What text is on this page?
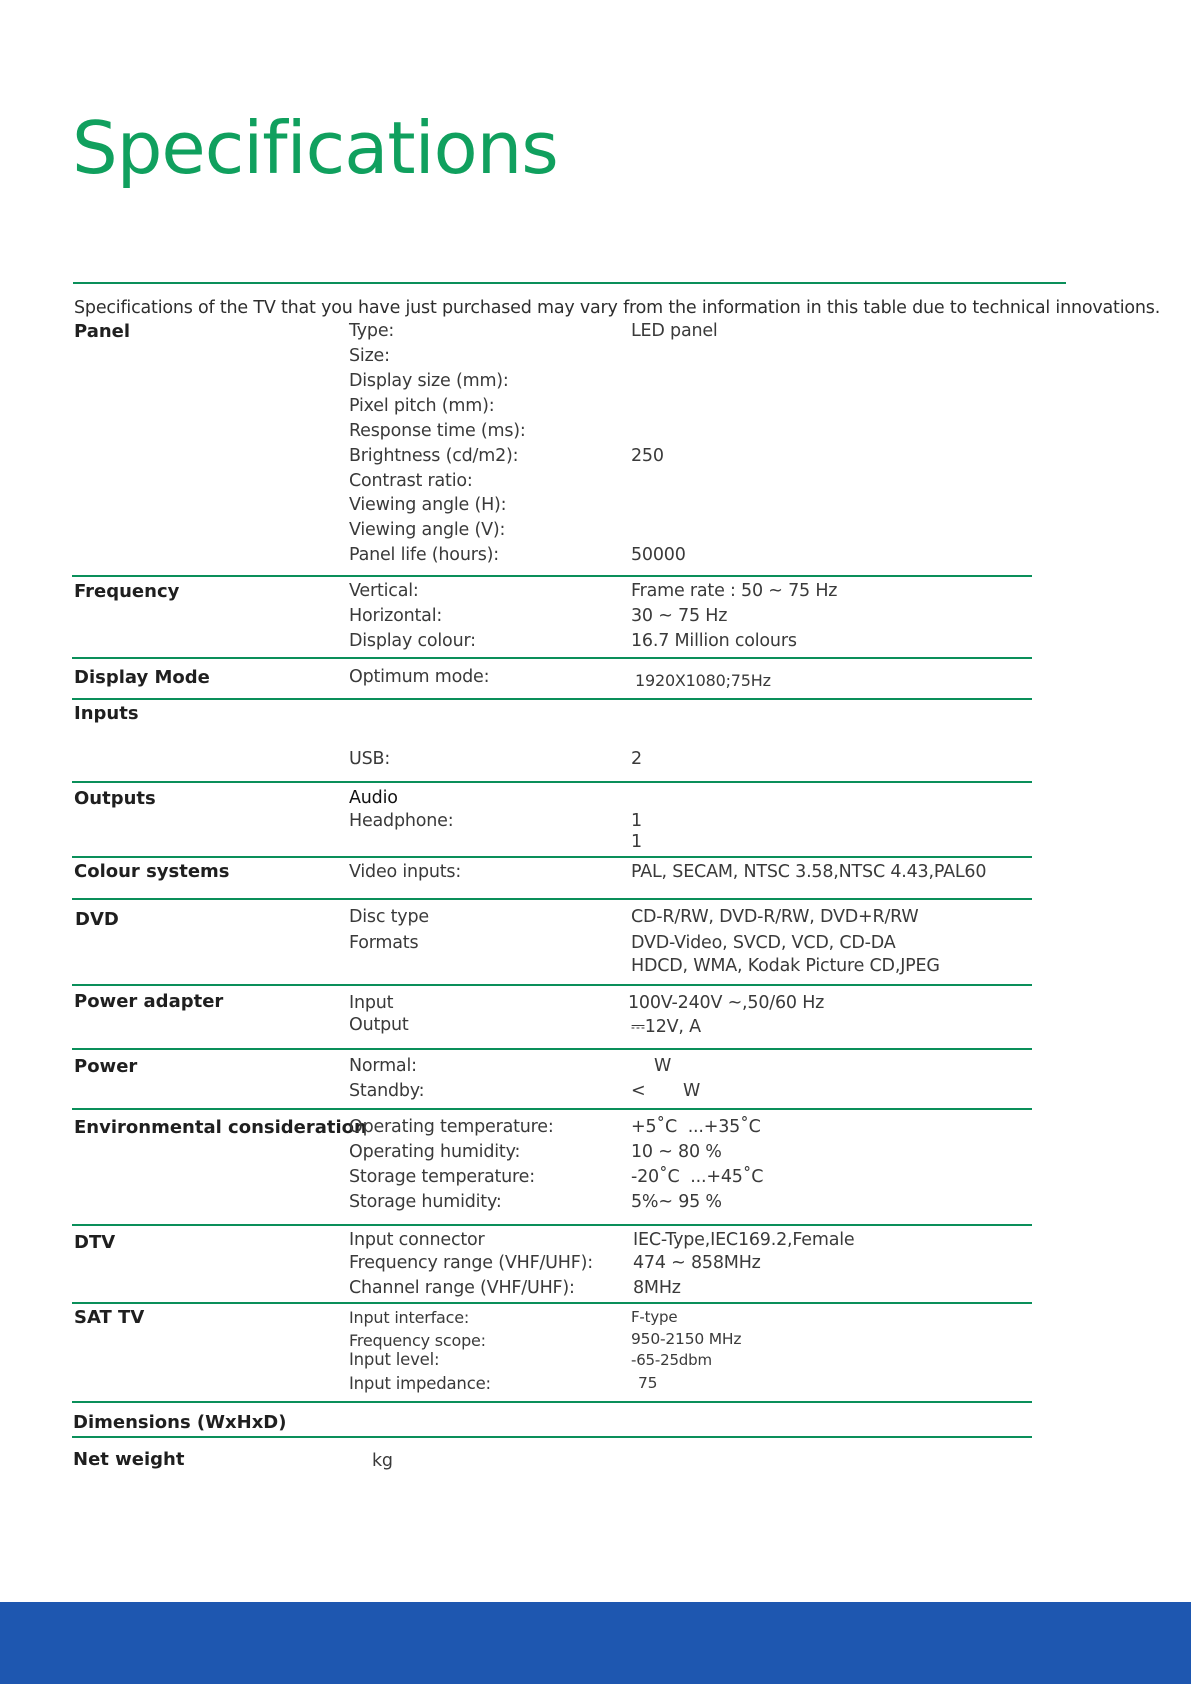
Specifications
Specifications of the TV that you have just purchased may vary from the information in this table due to technical innovations.
Panel	Type:	LED panel
Size:
Display size (mm):
Pixel pitch (mm):
Response time (ms):
Brightness (cd/m2):	250
Contrast ratio:
Viewing angle (H):
Viewing angle (V):
Panel life (hours):	50000
Frequency	Vertical:	Frame rate : 50 ~ 75 Hz
Horizontal:	30 ~ 75 Hz
Display colour:	16.7 Million colours
Display Mode	Optimum mode:	1920X1080;75Hz
Inputs
USB:	2
Outputs	Audio
Headphone:	1
1
Colour systems	Video inputs:	PAL, SECAM, NTSC 3.58,NTSC 4.43,PAL60
DVD	Disc type	CD-R/RW, DVD-R/RW, DVD+R/RW
Formats	DVD-Video, SVCD, VCD, CD-DA
HDCD, WMA, Kodak Picture CD,JPEG
Power adapter	Input	100V-240V ~,50/60 Hz
Output	⎓12V, A
Power	Normal:	W
Standby:	<       W
Environmental consideration
Operating temperature:	+5˚C  ...+35˚C
Operating humidity:	10 ~ 80 %
Storage temperature:	-20˚C  ...+45˚C
Storage humidity:	5%~ 95 %
DTV	Input connector	IEC-Type,IEC169.2,Female
Frequency range (VHF/UHF): 474 ~ 858MHz
Channel range (VHF/UHF):	8MHz
SAT TV	Input interface:	F-type
Frequency scope:	950-2150 MHz
Input level:	-65-25dbm
Input impedance:	75
Dimensions (WxHxD)
Net weight	kg
